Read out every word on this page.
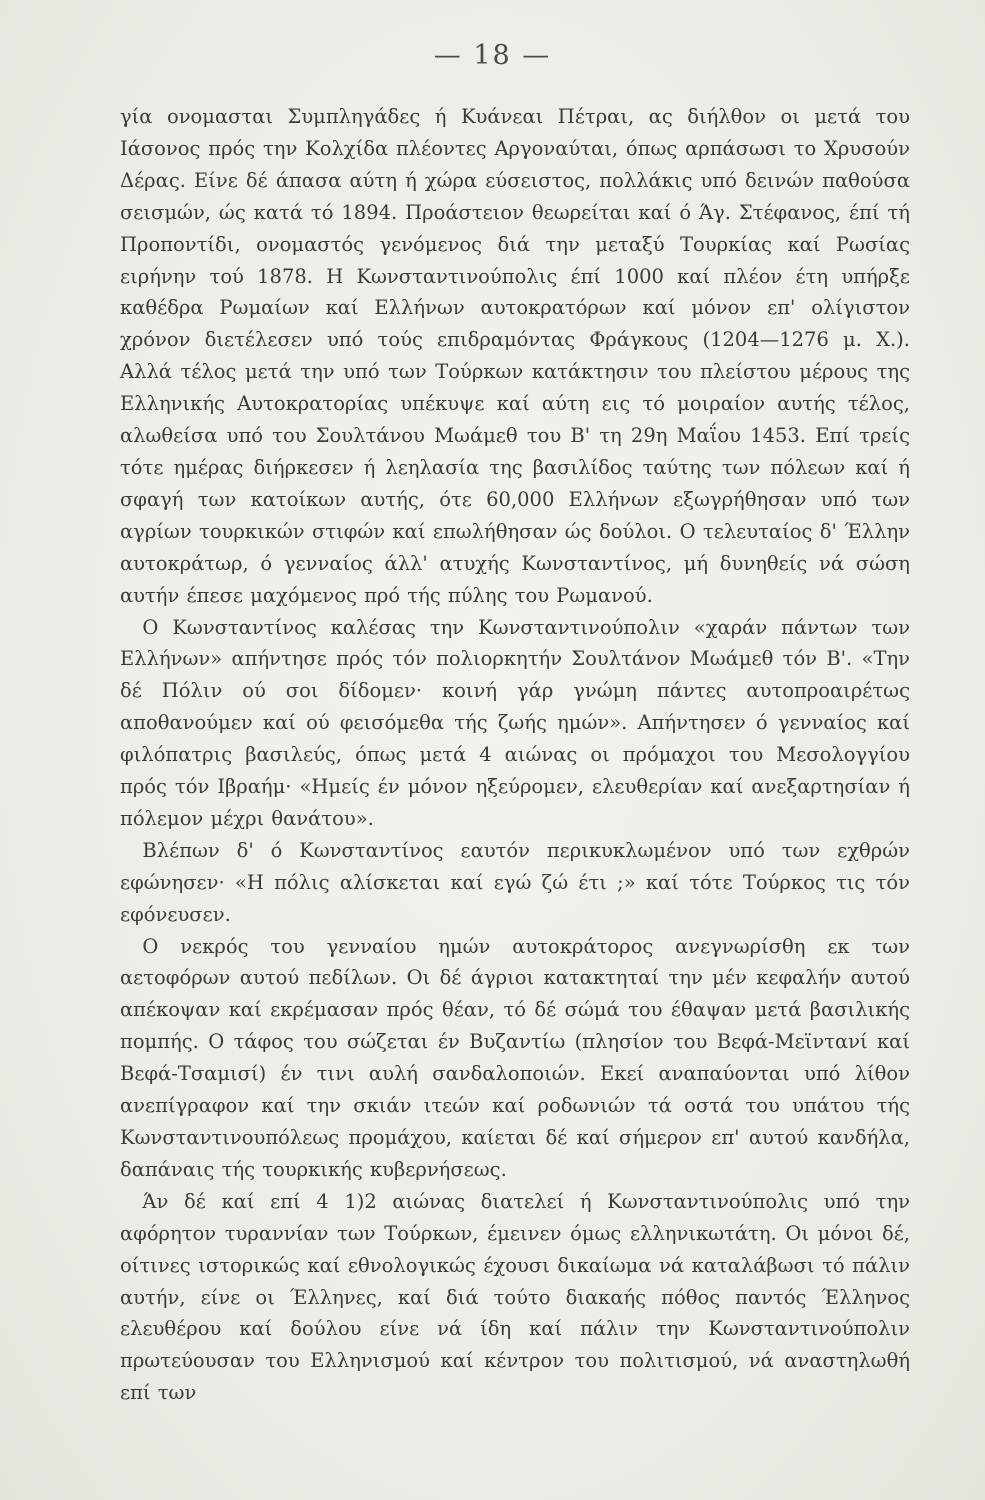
— 18 —

γία ονομασται Συμπληγάδες ή Κυάνεαι Πέτραι, ας διήλθον οι μετά του Ιάσονος πρός την Κολχίδα πλέοντες Αργοναύται, όπως αρπάσωσι το Χρυσούν Δέρας. Είνε δέ άπασα αύτη ή χώρα εύσειστος, πολλάκις υπό δεινών παθούσα σεισμών, ώς κατά τό 1894. Προάστειον θεωρείται καί ό Άγ. Στέφανος, έπί τή Προποντίδι, ονομαστός γενόμενος διά την μεταξύ Τουρκίας καί Ρωσίας ειρήνην τού 1878. Η Κωνσταντινούπολις έπί 1000 καί πλέον έτη υπήρξε καθέδρα Ρωμαίων καί Ελλήνων αυτοκρατόρων καί μόνον επ' ολίγιστον χρόνον διετέλεσεν υπό τούς επιδραμόντας Φράγκους (1204—1276 μ. Χ.). Αλλά τέλος μετά την υπό των Τούρκων κατάκτησιν του πλείστου μέρους της Ελληνικής Αυτοκρατορίας υπέκυψε καί αύτη εις τό μοιραίον αυτής τέλος, αλωθείσα υπό του Σουλτάνου Μωάμεθ του Β' τη 29η Μαΐου 1453. Επί τρείς τότε ημέρας διήρκεσεν ή λεηλασία της βασιλίδος ταύτης των πόλεων καί ή σφαγή των κατοίκων αυτής, ότε 60,000 Ελλήνων εξωγρήθησαν υπό των αγρίων τουρκικών στιφών καί επωλήθησαν ώς δούλοι. Ο τελευταίος δ' Έλλην αυτοκράτωρ, ό γενναίος άλλ' ατυχής Κωνσταντίνος, μή δυνηθείς νά σώση αυτήν έπεσε μαχόμενος πρό τής πύλης του Ρωμανού.

Ο Κωνσταντίνος καλέσας την Κωνσταντινούπολιν «χαράν πάντων των Ελλήνων» απήντησε πρός τόν πολιορκητήν Σουλτάνον Μωάμεθ τόν Β'. «Την δέ Πόλιν ού σοι δίδομεν· κοινή γάρ γνώμη πάντες αυτοπροαιρέτως αποθανούμεν καί ού φεισόμεθα τής ζωής ημών». Απήντησεν ό γενναίος καί φιλόπατρις βασιλεύς, όπως μετά 4 αιώνας οι πρόμαχοι του Μεσολογγίου πρός τόν Ιβραήμ· «Ημείς έν μόνον ηξεύρομεν, ελευθερίαν καί ανεξαρτησίαν ή πόλεμον μέχρι θανάτου».

Βλέπων δ' ό Κωνσταντίνος εαυτόν περικυκλωμένον υπό των εχθρών εφώνησεν· «Η πόλις αλίσκεται καί εγώ ζώ έτι ;» καί τότε Τούρκος τις τόν εφόνευσεν.

Ο νεκρός του γενναίου ημών αυτοκράτορος ανεγνωρίσθη εκ των αετοφόρων αυτού πεδίλων. Οι δέ άγριοι κατακτηταί την μέν κεφαλήν αυτού απέκοψαν καί εκρέμασαν πρός θέαν, τό δέ σώμά του έθαψαν μετά βασιλικής πομπής. Ο τάφος του σώζεται έν Βυζαντίω (πλησίον του Βεφά-Μεϊντανί καί Βεφά-Τσαμισί) έν τινι αυλή σανδαλοποιών. Εκεί αναπαύονται υπό λίθον ανεπίγραφον καί την σκιάν ιτεών καί ροδωνιών τά οστά του υπάτου τής Κωνσταντινουπόλεως προμάχου, καίεται δέ καί σήμερον επ' αυτού κανδήλα, δαπάναις τής τουρκικής κυβερνήσεως.

Άν δέ καί επί 4 1)2 αιώνας διατελεί ή Κωνσταντινούπολις υπό την αφόρητον τυραννίαν των Τούρκων, έμεινεν όμως ελληνικωτάτη. Οι μόνοι δέ, οίτινες ιστορικώς καί εθνολογικώς έχουσι δικαίωμα νά καταλάβωσι τό πάλιν αυτήν, είνε οι Έλληνες, καί διά τούτο διακαής πόθος παντός Έλληνος ελευθέρου καί δούλου είνε νά ίδη καί πάλιν την Κωνσταντινούπολιν πρωτεύουσαν του Ελληνισμού καί κέντρον του πολιτισμού, νά αναστηλωθή επί των
